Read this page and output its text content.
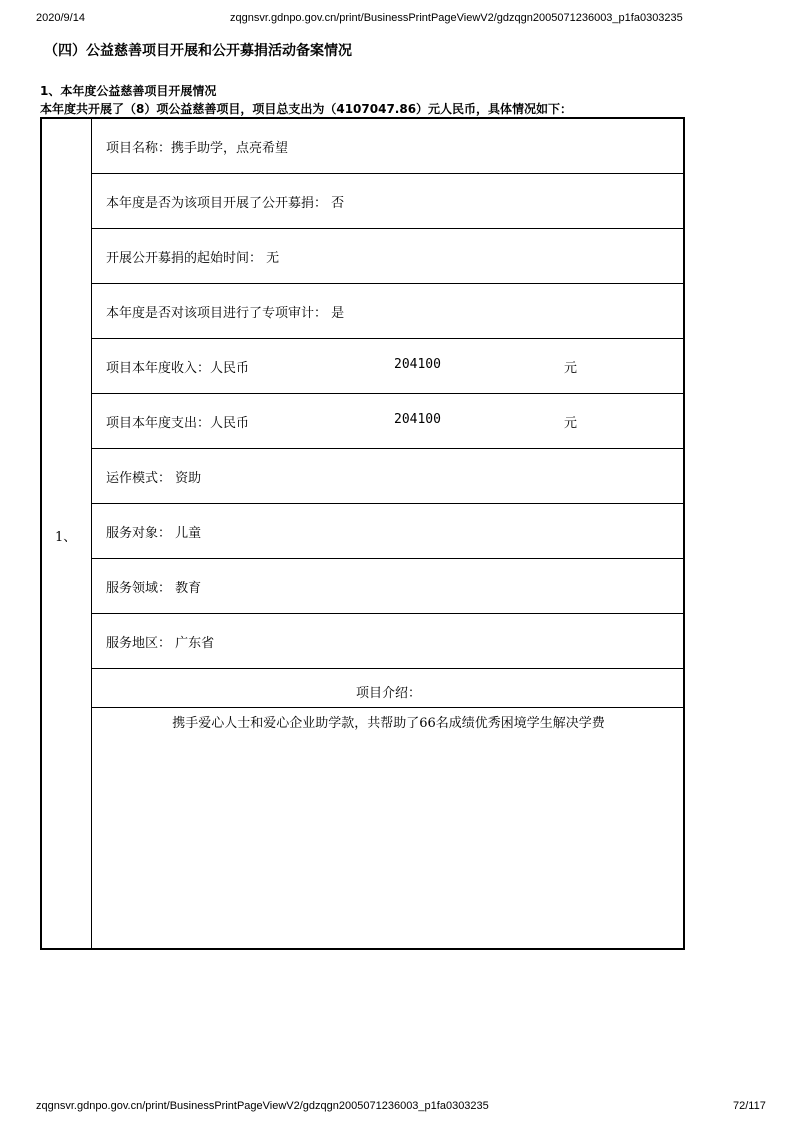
2020/9/14	zqgnsvr.gdnpo.gov.cn/print/BusinessPrintPageViewV2/gdzqgn2005071236003_p1fa0303235
（四）公益慈善项目开展和公开募捐活动备案情况
1、本年度公益慈善项目开展情况
本年度共开展了（8）项公益慈善项目，项目总支出为（4107047.86）元人民币，具体情况如下：
1、
项目名称：携手助学，点亮希望
本年度是否为该项目开展了公开募捐： 否
开展公开募捐的起始时间： 无
本年度是否对该项目进行了专项审计： 是
项目本年度收入：人民币	204100	元
项目本年度支出：人民币	204100	元
运作模式： 资助
服务对象： 儿童
服务领域： 教育
服务地区： 广东省
项目介绍：
携手爱心人士和爱心企业助学款，共帮助了66名成绩优秀困境学生解决学费
zqgnsvr.gdnpo.gov.cn/print/BusinessPrintPageViewV2/gdzqgn2005071236003_p1fa0303235	72/117
